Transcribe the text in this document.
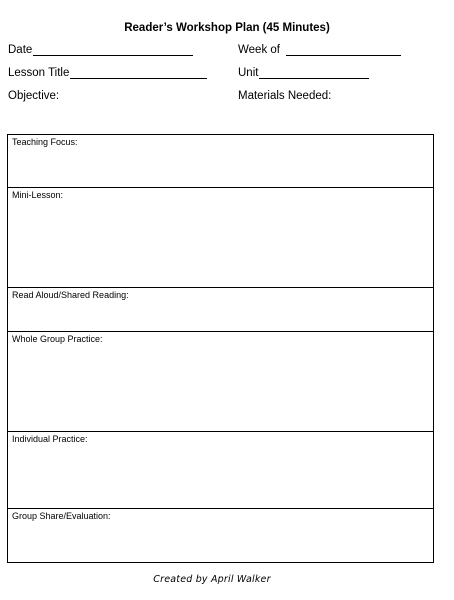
Reader’s Workshop Plan (45 Minutes)
Date	Week of
Lesson Title	Unit
Objective:	Materials Needed:
Teaching Focus:
Mini-Lesson:
Read Aloud/Shared Reading:
Whole Group Practice:
Individual Practice:
Group Share/Evaluation:
Created by April Walker
